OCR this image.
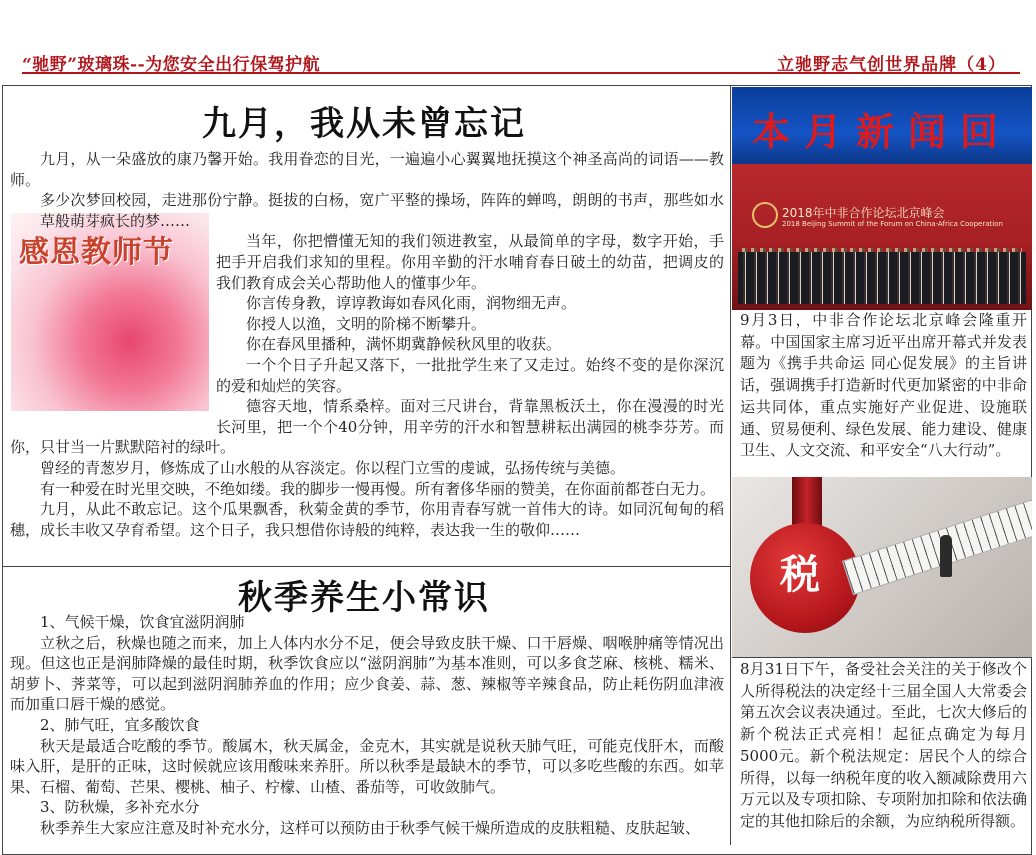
“驰野”玻璃珠--为您安全出行保驾护航	立驰野志气创世界品牌（4）
九月，我从未曾忘记
感恩教师节

九月，从一朵盛放的康乃馨开始。我用眷恋的目光，一遍遍小心翼翼地抚摸这个神圣高尚的词语——教师。

多少次梦回校园，走进那份宁静。挺拔的白杨，宽广平整的操场，阵阵的蝉鸣，朗朗的书声，那些如水草般萌芽疯长的梦……

当年，你把懵懂无知的我们领进教室，从最简单的字母，数字开始，手把手开启我们求知的里程。你用辛勤的汗水哺育春日破土的幼苗，把调皮的我们教育成会关心帮助他人的懂事少年。

你言传身教，谆谆教诲如春风化雨，润物细无声。

你授人以渔，文明的阶梯不断攀升。

你在春风里播种，满怀期冀静候秋风里的收获。

一个个日子升起又落下，一批批学生来了又走过。始终不变的是你深沉的爱和灿烂的笑容。

德容天地，情系桑梓。面对三尺讲台，背靠黑板沃土，你在漫漫的时光长河里，把一个个40分钟，用辛劳的汗水和智慧耕耘出满园的桃李芬芳。而你，只甘当一片默默陪衬的绿叶。

曾经的青葱岁月，修炼成了山水般的从容淡定。你以程门立雪的虔诚，弘扬传统与美德。

有一种爱在时光里交映，不绝如缕。我的脚步一慢再慢。所有奢侈华丽的赞美，在你面前都苍白无力。

九月，从此不敢忘记。这个瓜果飘香，秋菊金黄的季节，你用青春写就一首伟大的诗。如同沉甸甸的稻穗，成长丰收又孕育希望。这个日子，我只想借你诗般的纯粹，表达我一生的敬仰……

秋季养生小常识

1、气候干燥，饮食宜滋阴润肺

立秋之后，秋燥也随之而来，加上人体内水分不足，便会导致皮肤干燥、口干唇燥、咽喉肿痛等情况出现。但这也正是润肺降燥的最佳时期，秋季饮食应以“滋阴润肺”为基本准则，可以多食芝麻、核桃、糯米、胡萝卜、荠菜等，可以起到滋阴润肺养血的作用；应少食姜、蒜、葱、辣椒等辛辣食品，防止耗伤阴血津液而加重口唇干燥的感觉。

2、肺气旺，宜多酸饮食

秋天是最适合吃酸的季节。酸属木，秋天属金，金克木，其实就是说秋天肺气旺，可能克伐肝木，而酸味入肝，是肝的正味，这时候就应该用酸味来养肝。所以秋季是最缺木的季节，可以多吃些酸的东西。如苹果、石榴、葡萄、芒果、樱桃、柚子、柠檬、山楂、番茄等，可收敛肺气。

3、防秋燥，多补充水分

秋季养生大家应注意及时补充水分，这样可以预防由于秋季气候干燥所造成的皮肤粗糙、皮肤起皱、

本月新闻回
2018年中非合作论坛北京峰会
2018 Beijing Summit of the Forum on China-Africa Cooperation
9月3日，中非合作论坛北京峰会隆重开幕。中国国家主席习近平出席开幕式并发表题为《携手共命运 同心促发展》的主旨讲话，强调携手打造新时代更加紧密的中非命运共同体，重点实施好产业促进、设施联通、贸易便利、绿色发展、能力建设、健康卫生、人文交流、和平安全“八大行动”。
税
8月31日下午，备受社会关注的关于修改个人所得税法的决定经十三届全国人大常委会第五次会议表决通过。至此，七次大修后的新个税法正式亮相！起征点确定为每月5000元。新个税法规定：居民个人的综合所得，以每一纳税年度的收入额减除费用六万元以及专项扣除、专项附加扣除和依法确定的其他扣除后的余额，为应纳税所得额。
